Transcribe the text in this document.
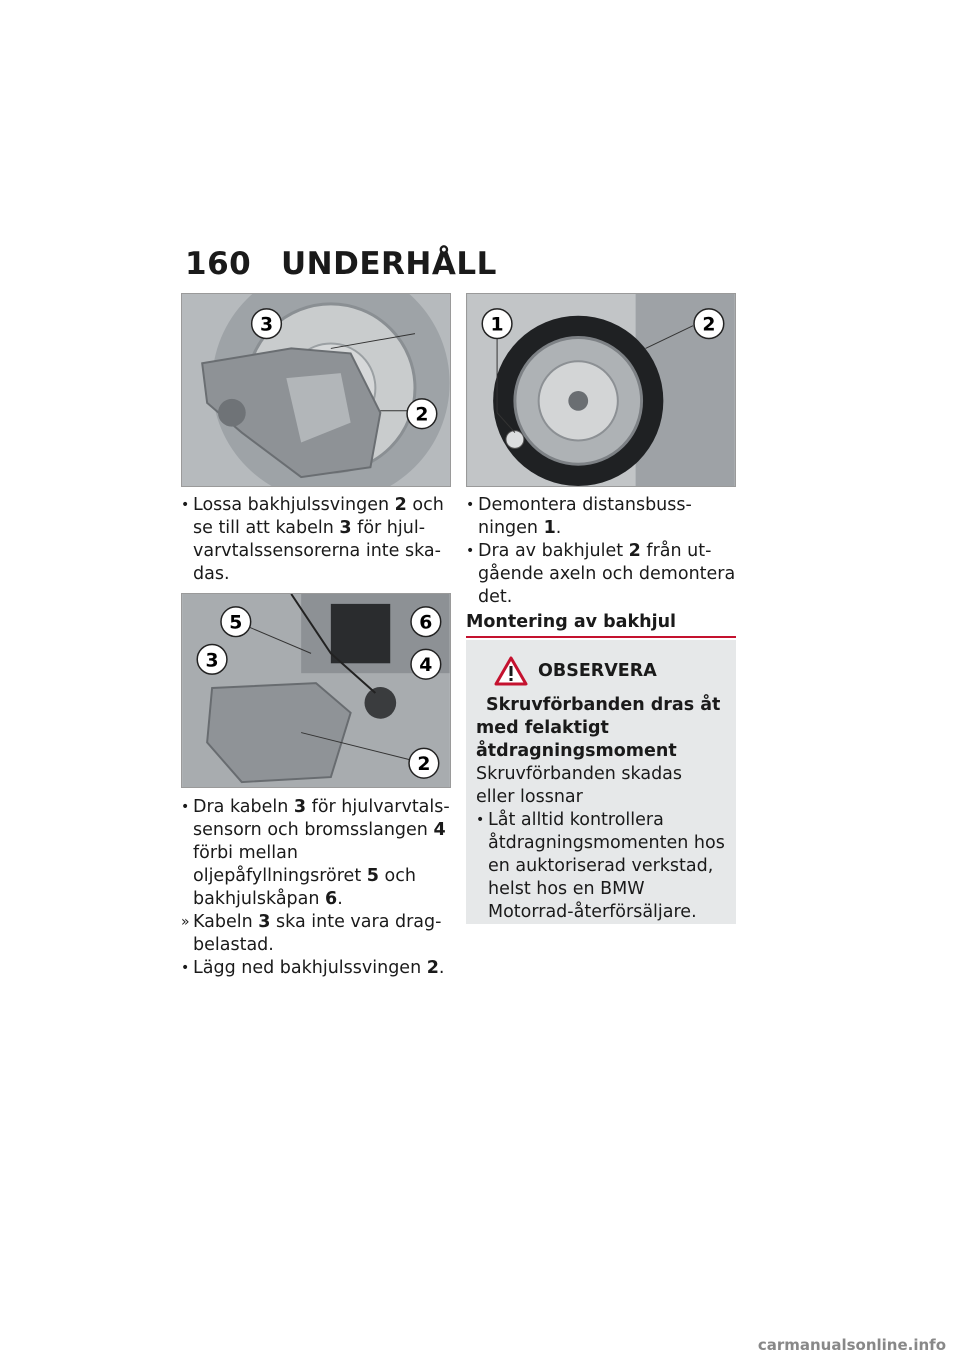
160 UNDERHÅLL
3
2

• Lossa bakhjulssvingen 2 och se till att kabeln 3 för hjulvarvtalssensorerna inte skadas.

5	6
3	4
2

• Dra kabeln 3 för hjulvarvtalssensorn och bromsslangen 4 förbi mellan oljepåfyllningsröret 5 och bakhjulskåpan 6.

» Kabeln 3 ska inte vara dragbelastad.

• Lägg ned bakhjulssvingen 2.

1	2

• Demontera distansbussningen 1.

• Dra av bakhjulet 2 från utgående axeln och demontera det.

Montering av bakhjul
OBSERVERA
Skruvförbanden dras åt med felaktigt åtdragningsmoment
Skruvförbanden skadas eller lossnar

• Låt alltid kontrollera åtdragningsmomenten hos en auktoriserad verkstad, helst hos en BMW Motorrad-återförsäljare.

carmanualsonline.info
